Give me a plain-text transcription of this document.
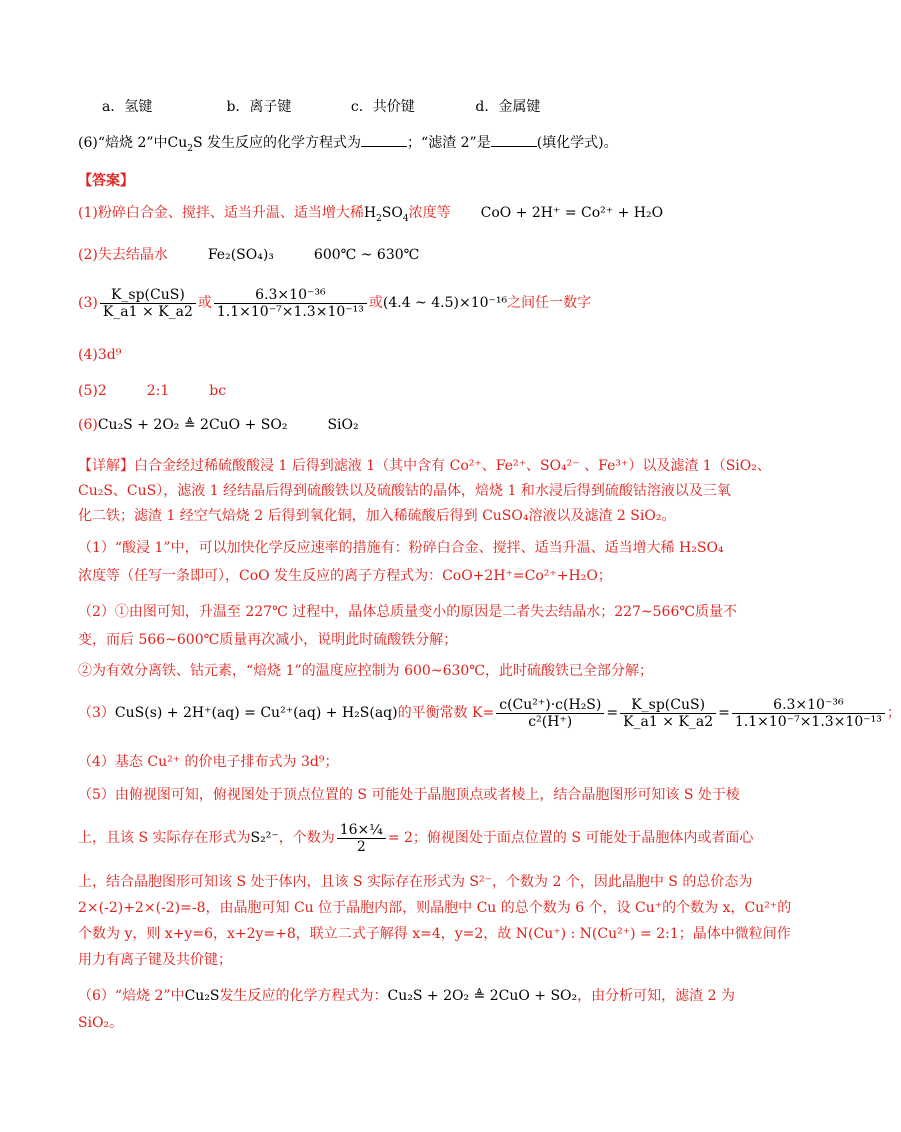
a．氢键	b．离子键	c．共价键	d．金属键
(6)“焙烧 2”中$Cu_2S$ 发生反应的化学方程式为	；“滤渣 2”是	(填化学式)。
【答案】
(1)粉碎白合金、搅拌、适当升温、适当增大稀$H_2SO_4$浓度等 CoO + 2H⁺ = Co²⁺ + H₂O
(2)失去结晶水	Fe₂(SO₄)₃	600℃ ~ 630℃
$(3) \frac{\text{K\_sp(CuS)}}{K\_a1 \times K\_a2}$ 或 $\frac{\text{6.3×10⁻³⁶}}{\text{1.1×10⁻⁷×1.3×10⁻¹³}}$ 或(4.4 ~ 4.5)×10⁻¹⁶之间任一数字
(4)3d⁹
(5)2	2:1	bc
(6)Cu₂S + 2O₂ ≜ 2CuO + SO₂	SiO₂
【详解】白合金经过稀硫酸酸浸 1 后得到滤液 1（其中含有 Co²⁺、Fe²⁺、SO₄²⁻ 、Fe³⁺）以及滤渣 1（SiO₂、
Cu₂S、CuS），滤液 1 经结晶后得到硫酸铁以及硫酸钴的晶体，焙烧 1 和水浸后得到硫酸钴溶液以及三氧
化二铁；滤渣 1 经空气焙烧 2 后得到氧化铜，加入稀硫酸后得到 CuSO₄溶液以及滤渣 2 SiO₂。
（1）“酸浸 1”中，可以加快化学反应速率的措施有：粉碎白合金、搅拌、适当升温、适当增大稀 H₂SO₄
浓度等（任写一条即可），CoO 发生反应的离子方程式为：CoO+2H⁺=Co²⁺+H₂O；
（2）①由图可知，升温至 227℃ 过程中，晶体总质量变小的原因是二者失去结晶水；227~566℃质量不
变，而后 566~600℃质量再次减小，说明此时硫酸铁分解；
②为有效分离铁、钴元素，“焙烧 1”的温度应控制为 600~630℃，此时硫酸铁已全部分解；
（3）CuS(s) + 2H⁺(aq) = Cu²⁺(aq) + H₂S(aq)的平衡常数 $K= \frac{\text{c(Cu²⁺)·c(H₂S)}}{\text{c²(H⁺)}} = \frac{\text{K\_sp(CuS)}}{K\_a1 \times K\_a2} = \frac{\text{6.3×10⁻³⁶}}{\text{1.1×10⁻⁷×1.3×10⁻¹³}}$ ；
（4）基态 Cu²⁺ 的价电子排布式为 3d⁹；
（5）由俯视图可知，俯视图处于顶点位置的 S 可能处于晶胞顶点或者棱上，结合晶胞图形可知该 S 处于棱
上，且该 S 实际存在形式为S₂²⁻，个数为 $\frac{\text{16×¼}}{2} = 2$；俯视图处于面点位置的 S 可能处于晶胞体内或者面心
上，结合晶胞图形可知该 S 处于体内，且该 S 实际存在形式为 S²⁻，个数为 2 个，因此晶胞中 S 的总价态为
2×(-2)+2×(-2)=-8，由晶胞可知 Cu 位于晶胞内部，则晶胞中 Cu 的总个数为 6 个，设 Cu⁺的个数为 x，Cu²⁺的
个数为 y，则 x+y=6，x+2y=+8，联立二式子解得 x=4，y=2，故 N(Cu⁺) : N(Cu²⁺) = 2:1；晶体中微粒间作
用力有离子键及共价键；
（6）“焙烧 2”中Cu₂S发生反应的化学方程式为：Cu₂S + 2O₂ ≜ 2CuO + SO₂，由分析可知，滤渣 2 为
SiO₂。
